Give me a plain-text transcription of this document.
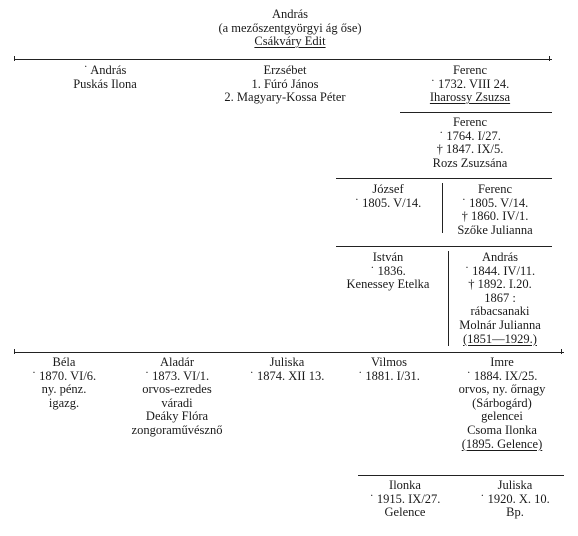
András
(a mezőszentgyörgyi ág őse)
Csákváry Edit
˙ András
Puskás Ilona
Erzsébet
1. Fúró János
2. Magyary-Kossa Péter
Ferenc
˙ 1732. VIII 24.
Iharossy Zsuzsa
Ferenc
˙ 1764. I/27.
† 1847. IX/5.
Rozs Zsuzsána
József
˙ 1805. V/14.
Ferenc
˙ 1805. V/14.
† 1860. IV/1.
Szőke Julianna
István
˙ 1836.
Kenessey Etelka
András
˙ 1844. IV/11.
† 1892. I.20.
1867 :
rábacsanaki
Molnár Julianna
(1851—1929.)
Béla
˙ 1870. VI/6.
ny. pénz.
igazg.
Aladár
˙ 1873. VI/1.
orvos-ezredes
váradi
Deáky Flóra
zongoraművésznő
Juliska
˙ 1874. XII 13.
Vilmos
˙ 1881. I/31.
Imre
˙ 1884. IX/25.
orvos, ny. őrnagy
(Sárbogárd)
gelencei
Csoma Ilonka
(1895. Gelence)
Ilonka
˙ 1915. IX/27.
Gelence
Juliska
˙ 1920. X. 10.
Bp.
